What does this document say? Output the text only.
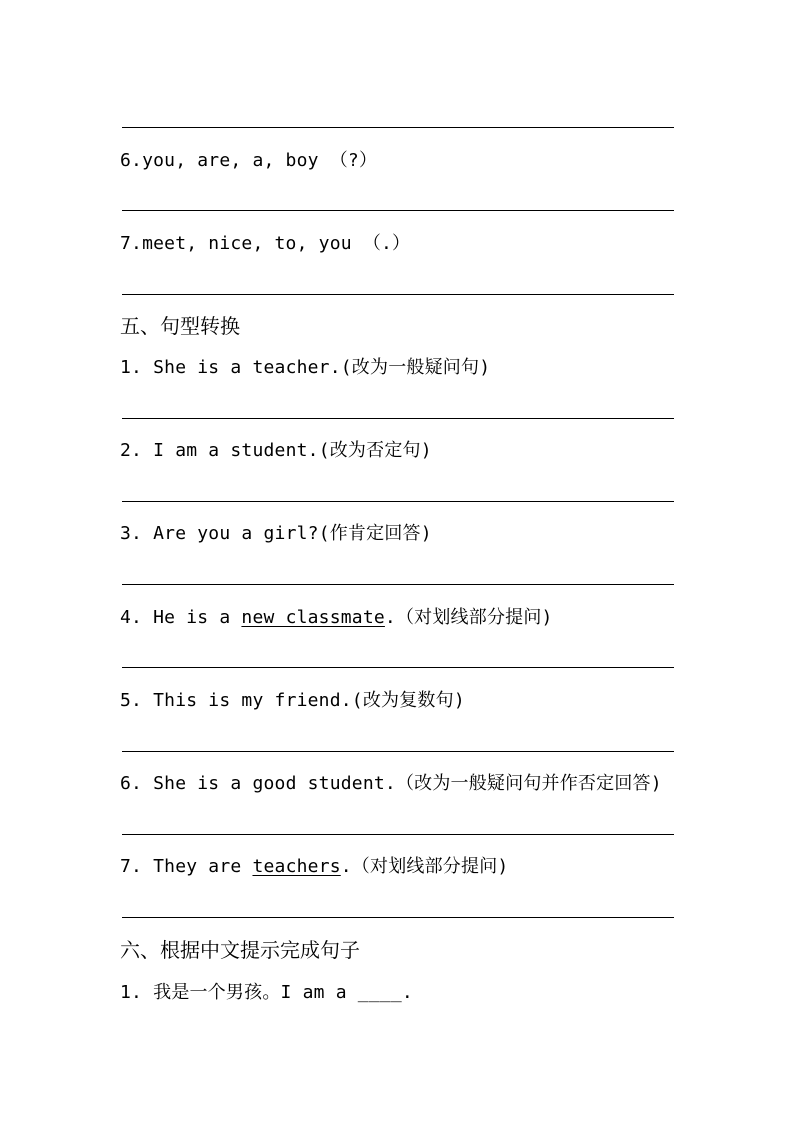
6.you, are, a, boy （?）
7.meet, nice, to, you （.）
五、句型转换
1. She is a teacher.(改为一般疑问句)
2. I am a student.(改为否定句)
3. Are you a girl?(作肯定回答)
4. He is a new classmate.（对划线部分提问)
5. This is my friend.(改为复数句)
6. She is a good student.（改为一般疑问句并作否定回答)
7. They are teachers.（对划线部分提问)
六、根据中文提示完成句子
1. 我是一个男孩。I am a ____.
